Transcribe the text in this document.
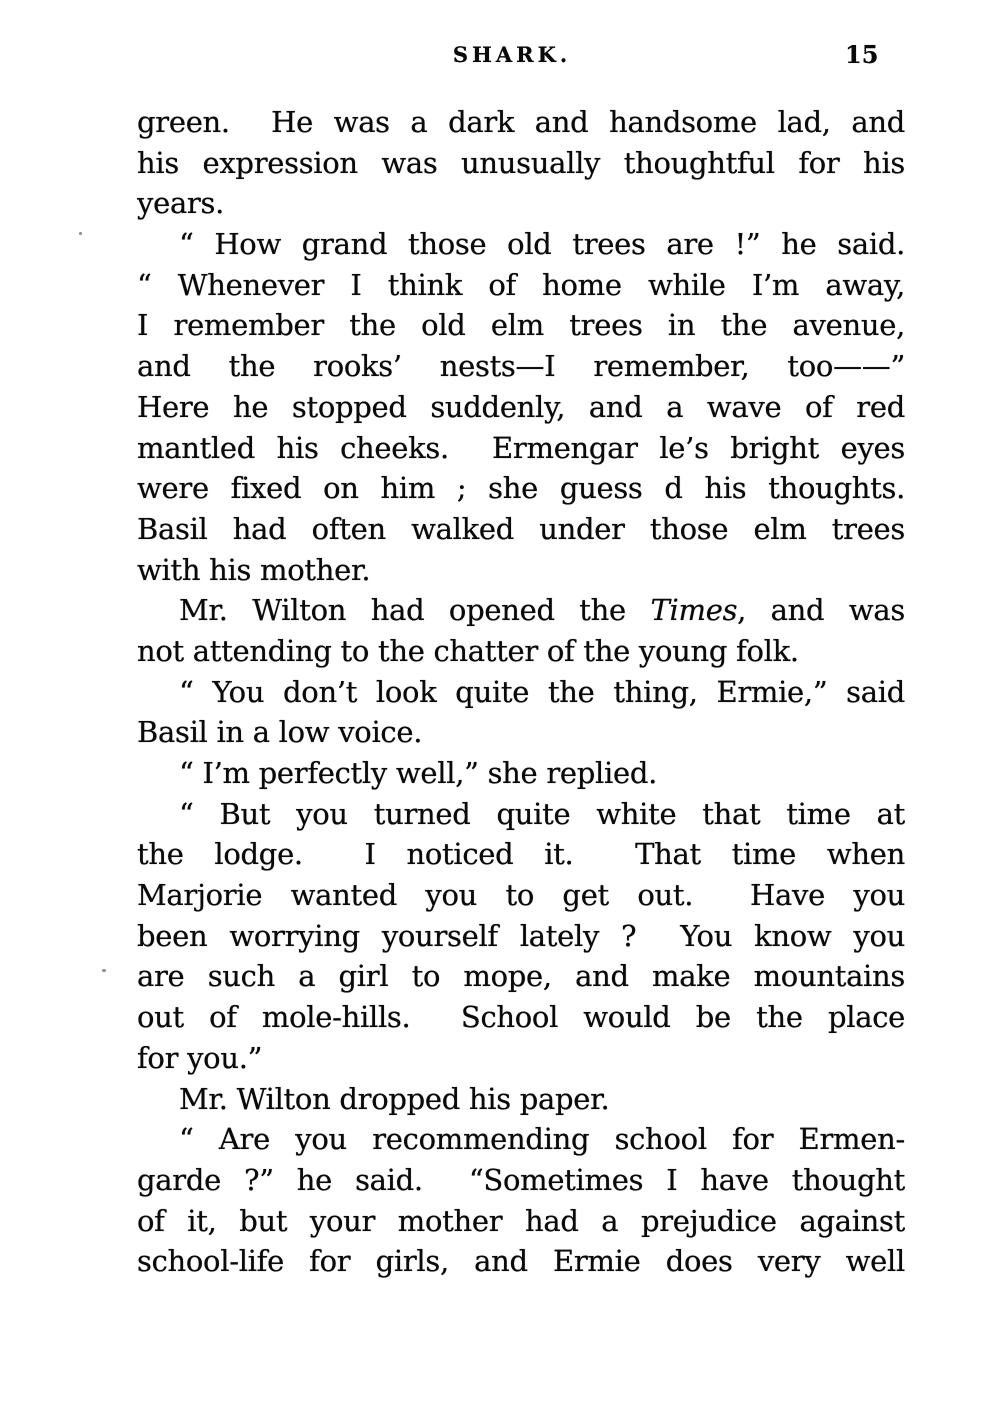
SHARK.	15
green.  He was a dark and handsome lad, and
his expression was unusually thoughtful for his
years.
“ How grand those old trees are !” he said.
“ Whenever I think of home while I’m away,
I remember the old elm trees in the avenue,
and the rooks’ nests—I remember, too——”
Here he stopped suddenly, and a wave of red
mantled his cheeks.  Ermengar le’s bright eyes
were fixed on him ; she guess d his thoughts.
Basil had often walked under those elm trees
with his mother.
Mr. Wilton had opened the Times, and was
not attending to the chatter of the young folk.
“ You don’t look quite the thing, Ermie,” said
Basil in a low voice.
“ I’m perfectly well,” she replied.
“ But you turned quite white that time at
the lodge.  I noticed it.  That time when
Marjorie wanted you to get out.  Have you
been worrying yourself lately ?  You know you
are such a girl to mope, and make mountains
out of mole-hills.  School would be the place
for you.”
Mr. Wilton dropped his paper.
“ Are you recommending school for Ermen-
garde ?” he said.  “Sometimes I have thought
of it, but your mother had a prejudice against
school-life for girls, and Ermie does very well
